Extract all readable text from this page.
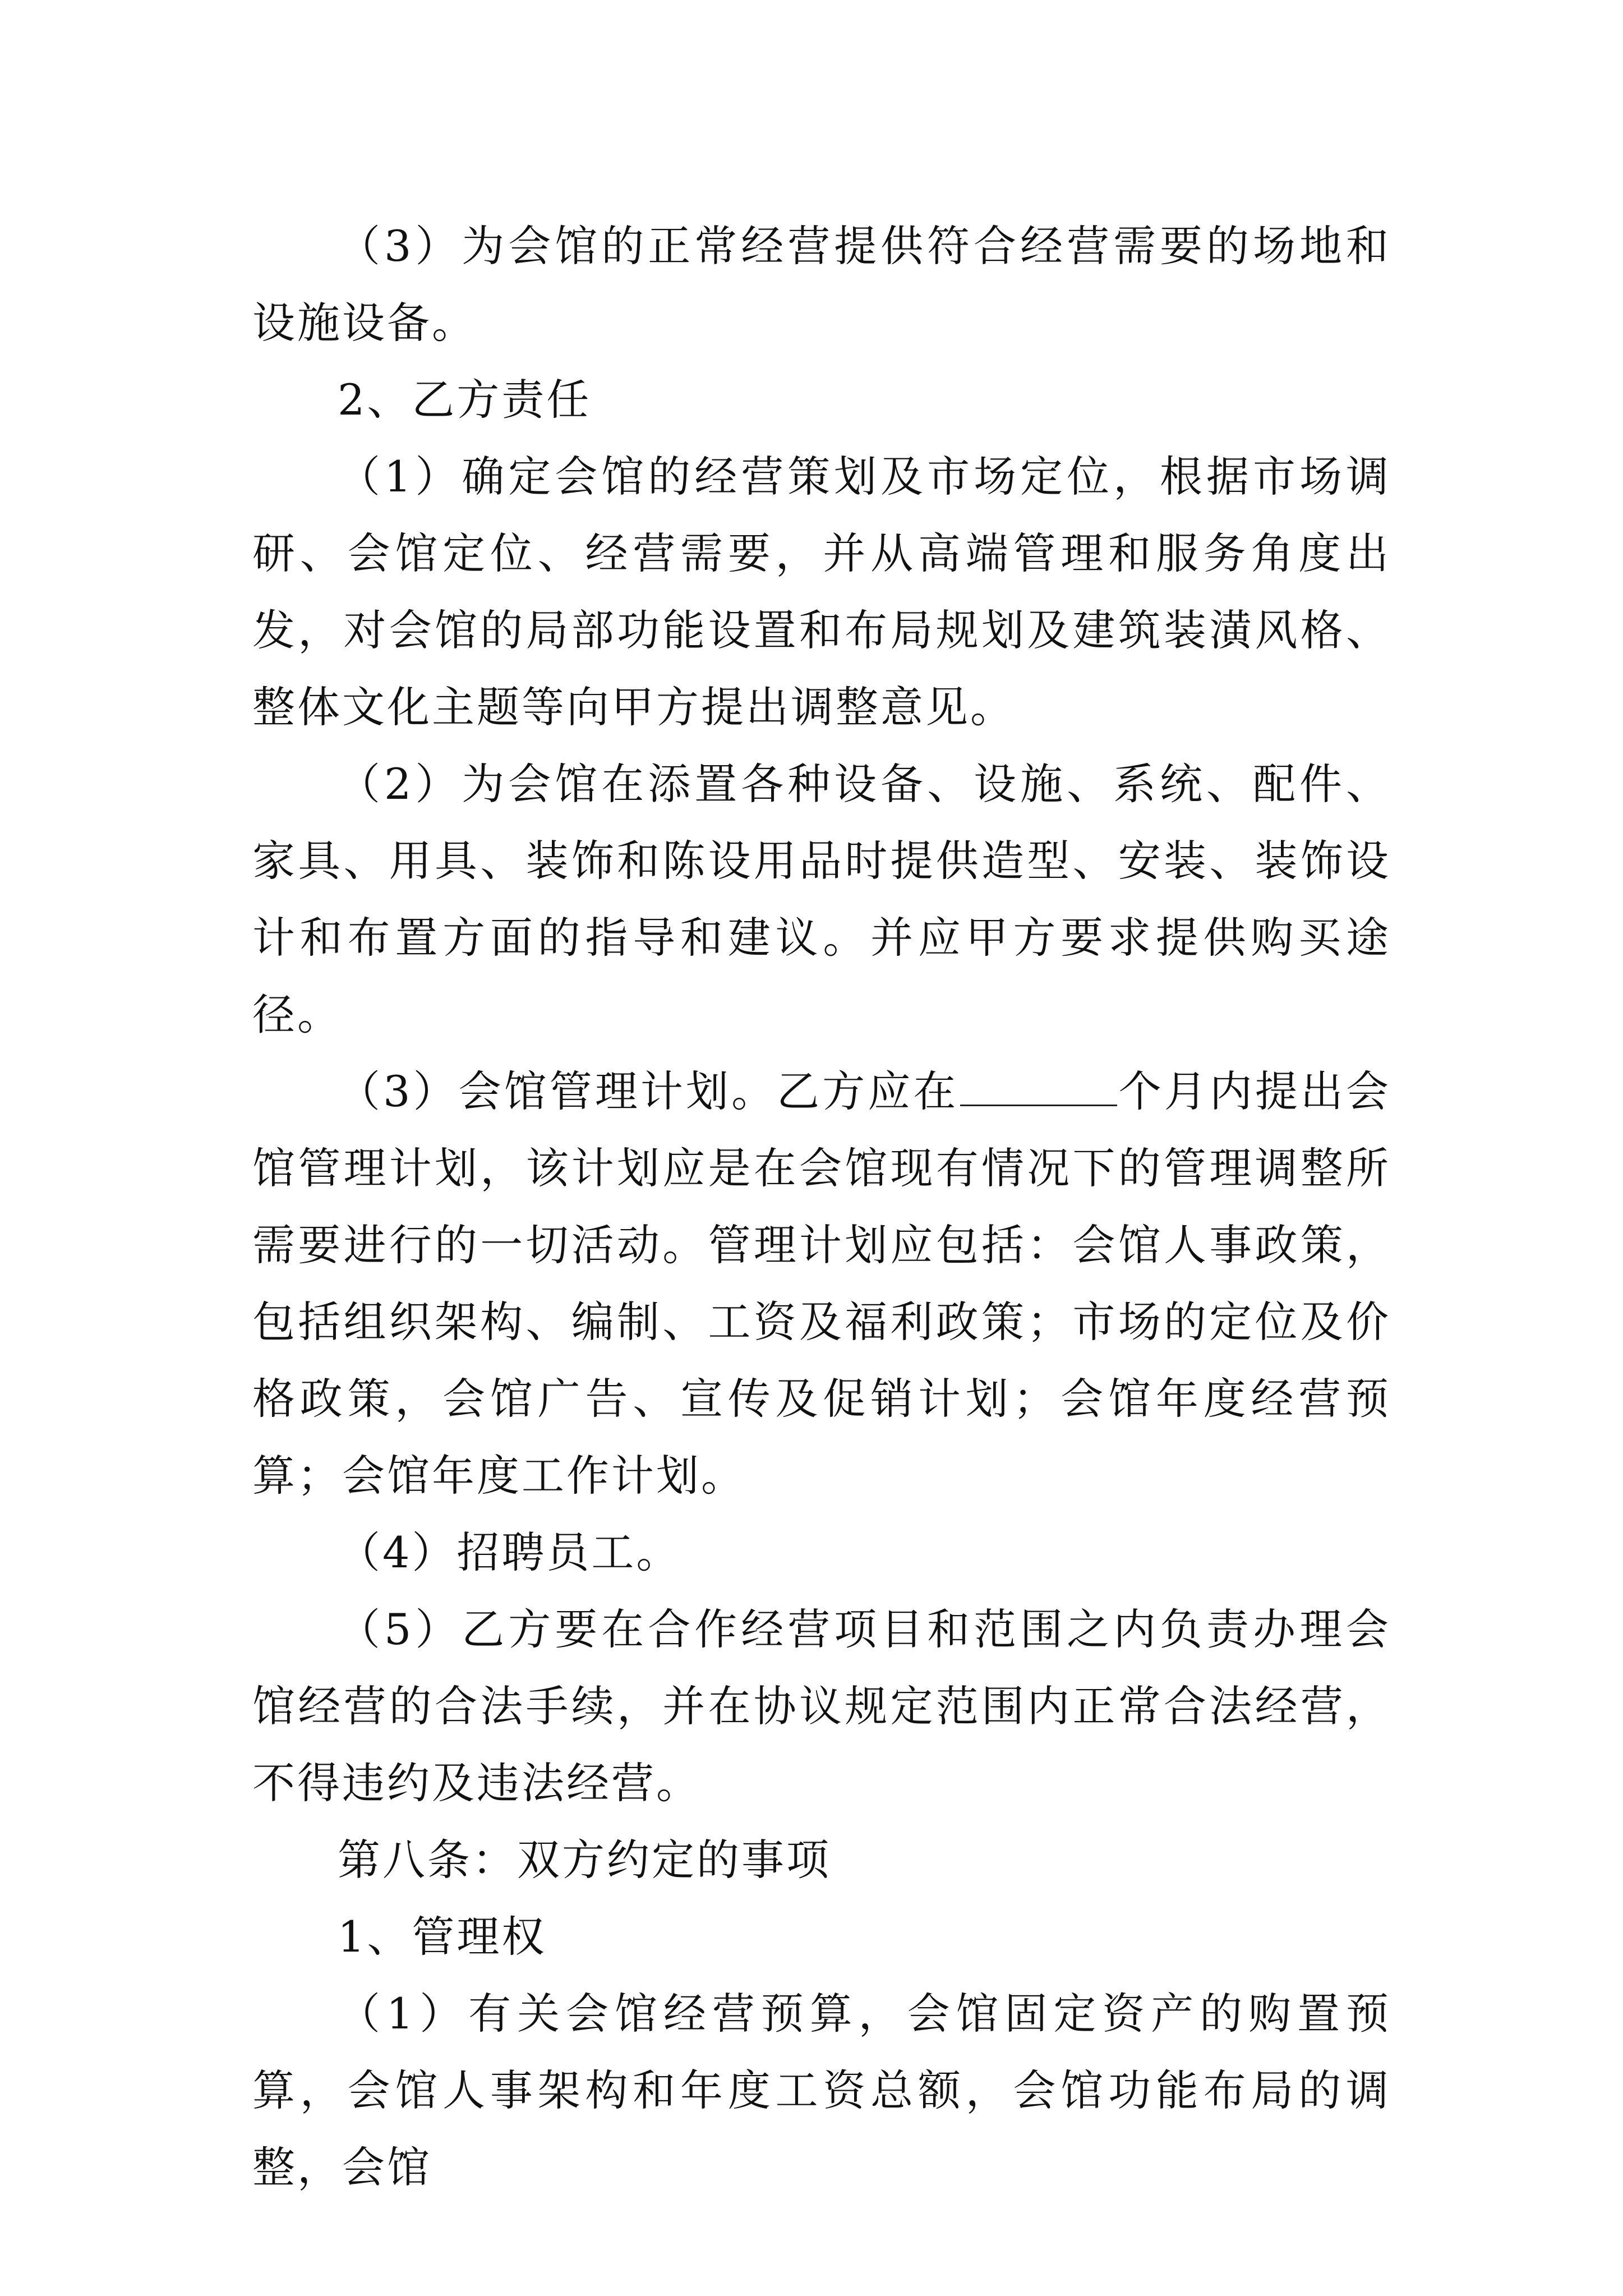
（3）为会馆的正常经营提供符合经营需要的场地和设施设备。

2、乙方责任

（1）确定会馆的经营策划及市场定位，根据市场调研、会馆定位、经营需要，并从高端管理和服务角度出发，对会馆的局部功能设置和布局规划及建筑装潢风格、整体文化主题等向甲方提出调整意见。

（2）为会馆在添置各种设备、设施、系统、配件、家具、用具、装饰和陈设用品时提供造型、安装、装饰设计和布置方面的指导和建议。并应甲方要求提供购买途径。

（3）会馆管理计划。乙方应在	个月内提出会馆管理计划，该计划应是在会馆现有情况下的管理调整所需要进行的一切活动。管理计划应包括：会馆人事政策，包括组织架构、编制、工资及福利政策；市场的定位及价格政策，会馆广告、宣传及促销计划；会馆年度经营预算；会馆年度工作计划。

（4）招聘员工。

（5）乙方要在合作经营项目和范围之内负责办理会馆经营的合法手续，并在协议规定范围内正常合法经营，不得违约及违法经营。

第八条：双方约定的事项

1、管理权

（1）有关会馆经营预算，会馆固定资产的购置预算，会馆人事架构和年度工资总额，会馆功能布局的调整，会馆
